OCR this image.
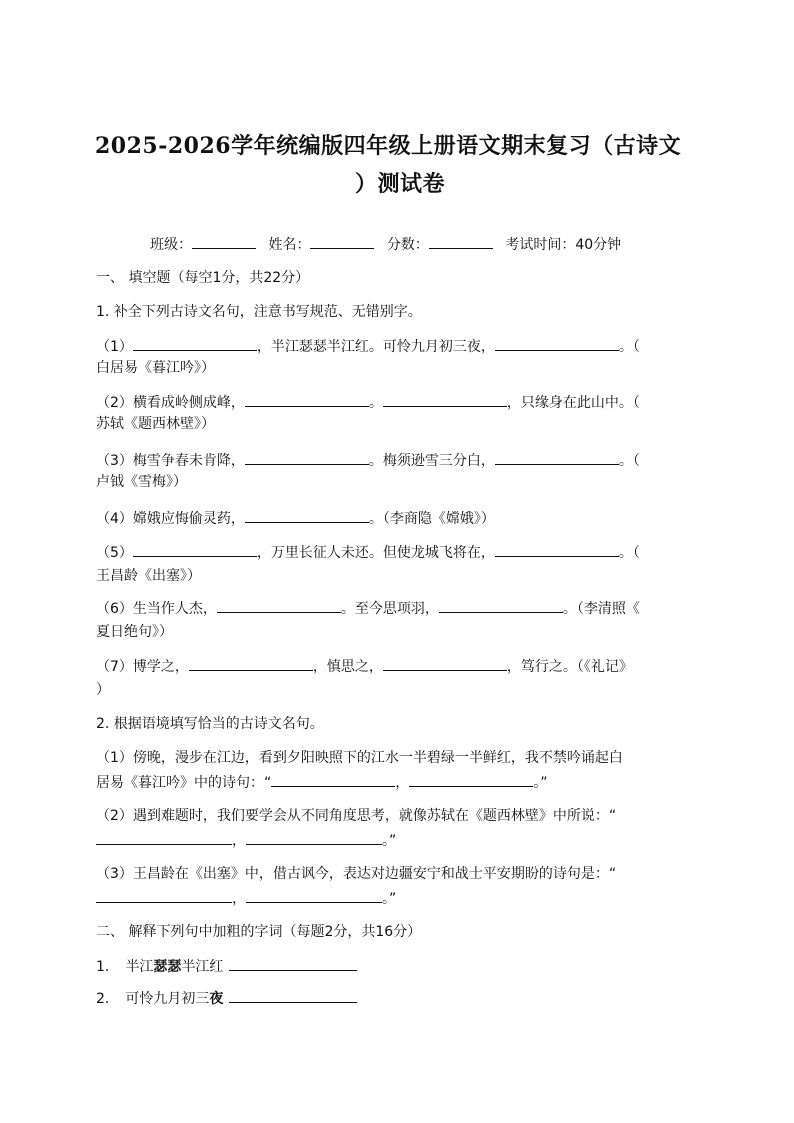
2025-2026学年统编版四年级上册语文期末复习（古诗文
）测试卷
班级：	姓名：	分数：	考试时间：40分钟
一、 填空题（每空1分，共22分）
1. 补全下列古诗文名句，注意书写规范、无错别字。
（1）	，半江瑟瑟半江红。可怜九月初三夜，	。（
白居易《暮江吟》）
（2）横看成岭侧成峰，	。	，只缘身在此山中。（
苏轼《题西林壁》）
（3）梅雪争春未肯降，	。梅须逊雪三分白，	。（
卢钺《雪梅》）
（4）嫦娥应悔偷灵药，	。（李商隐《嫦娥》）
（5）	，万里长征人未还。但使龙城飞将在，	。（
王昌龄《出塞》）
（6）生当作人杰，	。至今思项羽，	。（李清照《
夏日绝句》）
（7）博学之，	，慎思之，	，笃行之。（《礼记》
）
2. 根据语境填写恰当的古诗文名句。
（1）傍晚，漫步在江边，看到夕阳映照下的江水一半碧绿一半鲜红，我不禁吟诵起白
居易《暮江吟》中的诗句：“	，	。”
（2）遇到难题时，我们要学会从不同角度思考，就像苏轼在《题西林壁》中所说：“
，	。”
（3）王昌龄在《出塞》中，借古讽今，表达对边疆安宁和战士平安期盼的诗句是：“
，	。”
二、 解释下列句中加粗的字词（每题2分，共16分）
1. 半江瑟瑟半江红
2. 可怜九月初三夜
